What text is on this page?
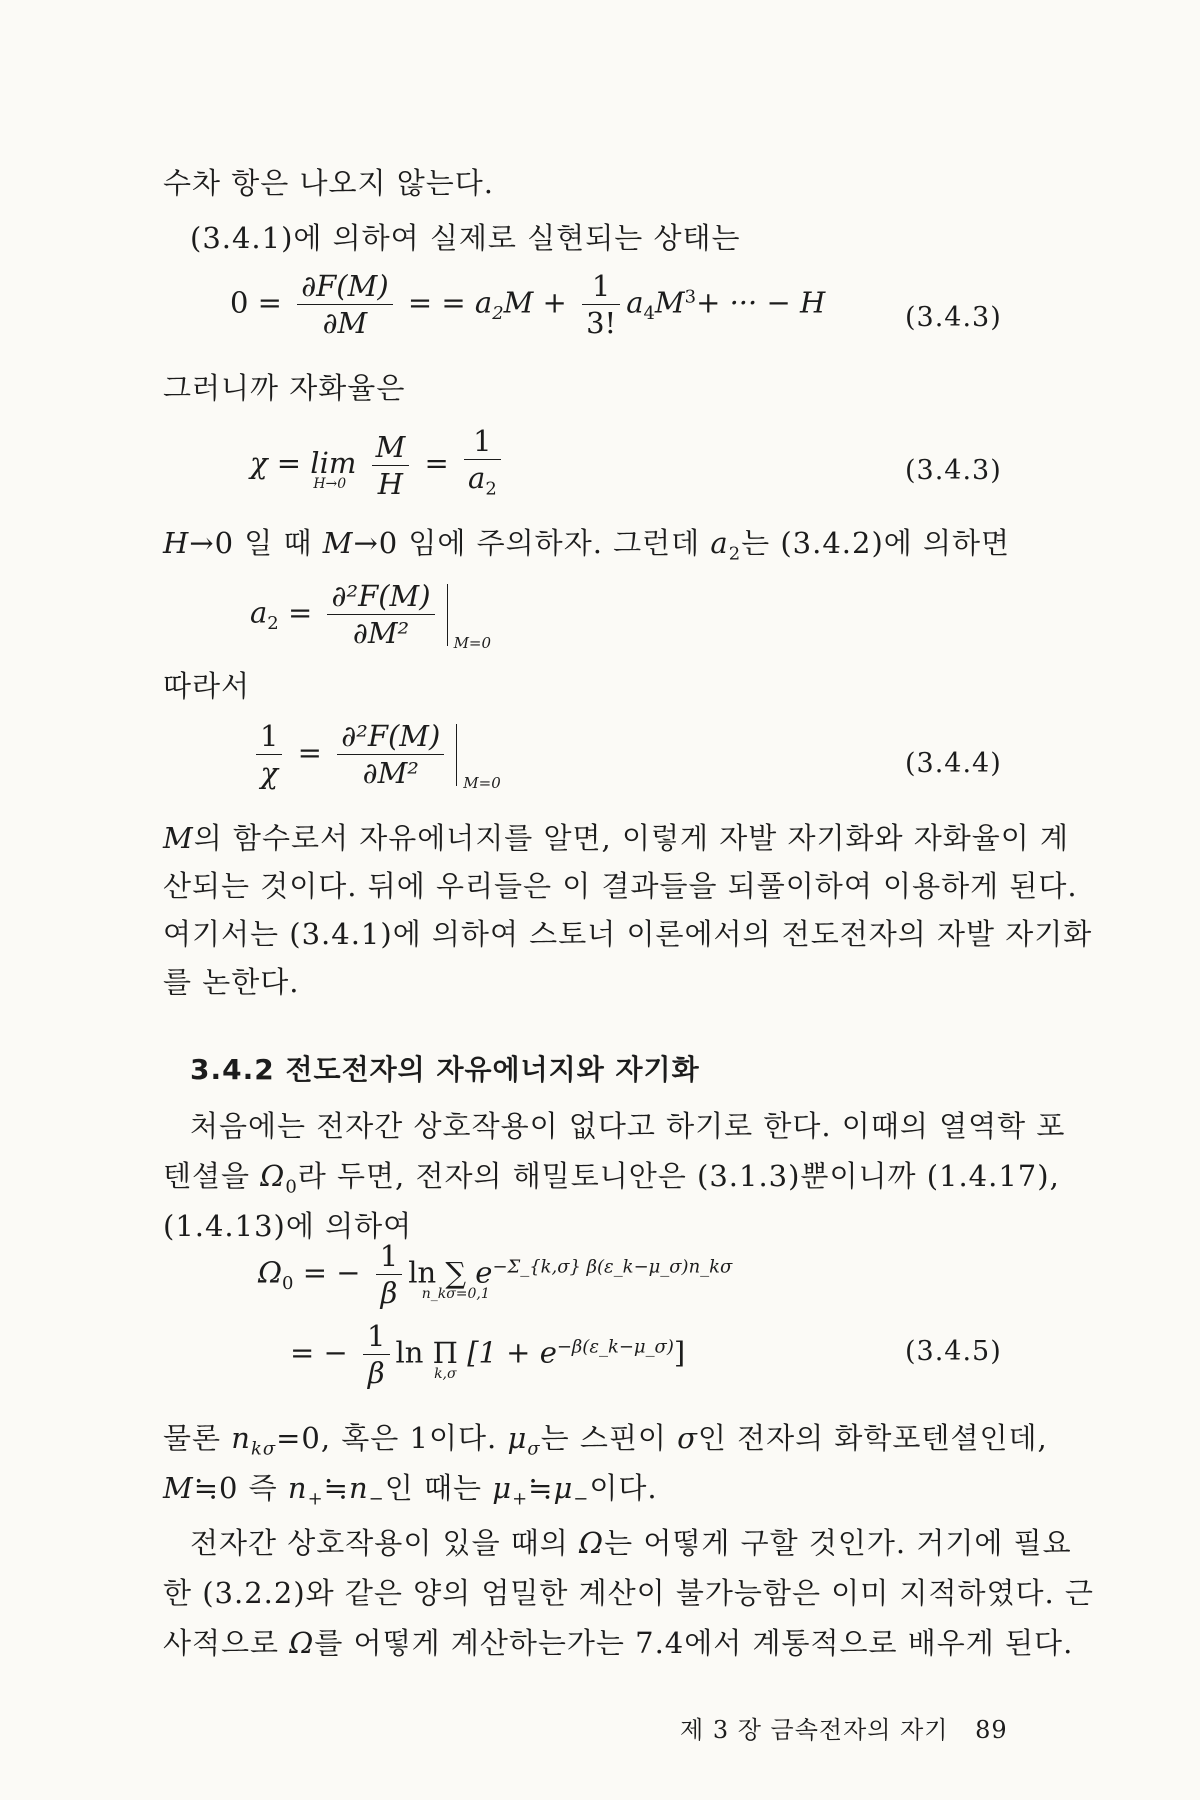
수차 항은 나오지 않는다.
(3.4.1)에 의하여 실제로 실현되는 상태는
$0 = \frac{\partial F(M)}{\partial M}$ = = $a_2M + \frac{1}{3!} a_4M^3+$ ··· − H	(3.4.3)
그러니까 자화율은
χ = lim
H→0
$\frac{M}{H} = \frac{1}{a_2}$	(3.4.3)
H→0 일 때 M→0 임에 주의하자. 그런데 $a_2$는 (3.4.2)에 의하면
$a_2 = \frac{\text{∂²F(M)}}{\text{∂M²}} M=0$
따라서
$\frac{1}{\chi} = \frac{\text{∂²F(M)}}{\text{∂M²}} M=0$
(3.4.4)
M의 함수로서 자유에너지를 알면, 이렇게 자발 자기화와 자화율이 계
산되는 것이다. 뒤에 우리들은 이 결과들을 되풀이하여 이용하게 된다.
여기서는 (3.4.1)에 의하여 스토너 이론에서의 전도전자의 자발 자기화
를 논한다.
3.4.2 전도전자의 자유에너지와 자기화
처음에는 전자간 상호작용이 없다고 하기로 한다. 이때의 열역학 포
텐셜을 $\Omega_0$라 두면, 전자의 해밀토니안은 (3.1.3)뿐이니까 (1.4.17),
(1.4.13)에 의하여
$\Omega_0$ = − $\frac{1}{\beta}$ ln ∑
n_kσ=0,1
$e^{-\Sigma\_\{k,\sigma\} \beta(\varepsilon\_k-\mu\_\sigma)n\_k\sigma}$
= − $\frac{1}{\beta}$ ln Π
k,σ
$[1 + e^{-\beta(\varepsilon\_k-\mu\_\sigma)}]$	(3.4.5)
물론 $n_{k\sigma}=0$, 혹은 1이다. $\mu_\sigma$는 스핀이 σ인 전자의 화학포텐셜인데,
M≒0 즉 $n_+≒n_-$인 때는 $\mu_+≒\mu_-$이다.
전자간 상호작용이 있을 때의 Ω는 어떻게 구할 것인가. 거기에 필요
한 (3.2.2)와 같은 양의 엄밀한 계산이 불가능함은 이미 지적하였다. 근
사적으로 Ω를 어떻게 계산하는가는 7.4에서 계통적으로 배우게 된다.
제 3 장 금속전자의 자기 89
